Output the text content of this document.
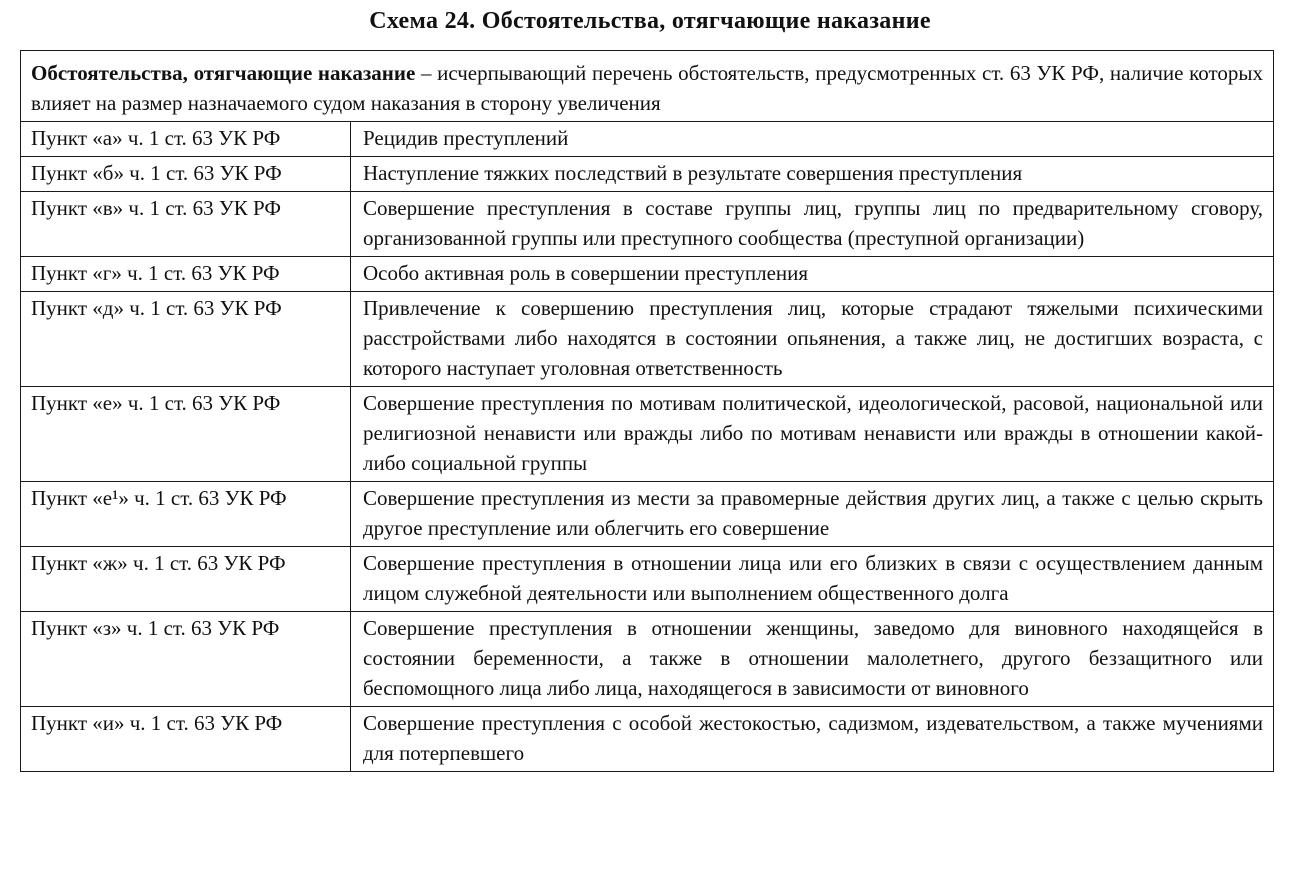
Схема 24. Обстоятельства, отягчающие наказание
Обстоятельства, отягчающие наказание – исчерпывающий перечень обстоятельств, предусмотренных ст. 63 УК РФ, наличие которых влияет на размер назначаемого судом наказания в сторону увеличения	
Пункт «а» ч. 1 ст. 63 УК РФ	Рецидив преступлений
Пункт «б» ч. 1 ст. 63 УК РФ	Наступление тяжких последствий в результате совершения преступления
Пункт «в» ч. 1 ст. 63 УК РФ	Совершение преступления в составе группы лиц, группы лиц по предварительному сговору, организованной группы или преступного сообщества (преступной организации)
Пункт «г» ч. 1 ст. 63 УК РФ	Особо активная роль в совершении преступления
Пункт «д» ч. 1 ст. 63 УК РФ	Привлечение к совершению преступления лиц, которые страдают тяжелыми психическими расстройствами либо находятся в состоянии опьянения, а также лиц, не достигших возраста, с которого наступает уголовная ответственность
Пункт «е» ч. 1 ст. 63 УК РФ	Совершение преступления по мотивам политической, идеологической, расовой, национальной или религиозной ненависти или вражды либо по мотивам ненависти или вражды в отношении какой-либо социальной группы
Пункт «е¹» ч. 1 ст. 63 УК РФ	Совершение преступления из мести за правомерные действия других лиц, а также с целью скрыть другое преступление или облегчить его совершение
Пункт «ж» ч. 1 ст. 63 УК РФ	Совершение преступления в отношении лица или его близких в связи с осуществлением данным лицом служебной деятельности или выполнением общественного долга
Пункт «з» ч. 1 ст. 63 УК РФ	Совершение преступления в отношении женщины, заведомо для виновного находящейся в состоянии беременности, а также в отношении малолетнего, другого беззащитного или беспомощного лица либо лица, находящегося в зависимости от виновного
Пункт «и» ч. 1 ст. 63 УК РФ	Совершение преступления с особой жестокостью, садизмом, издевательством, а также мучениями для потерпевшего
